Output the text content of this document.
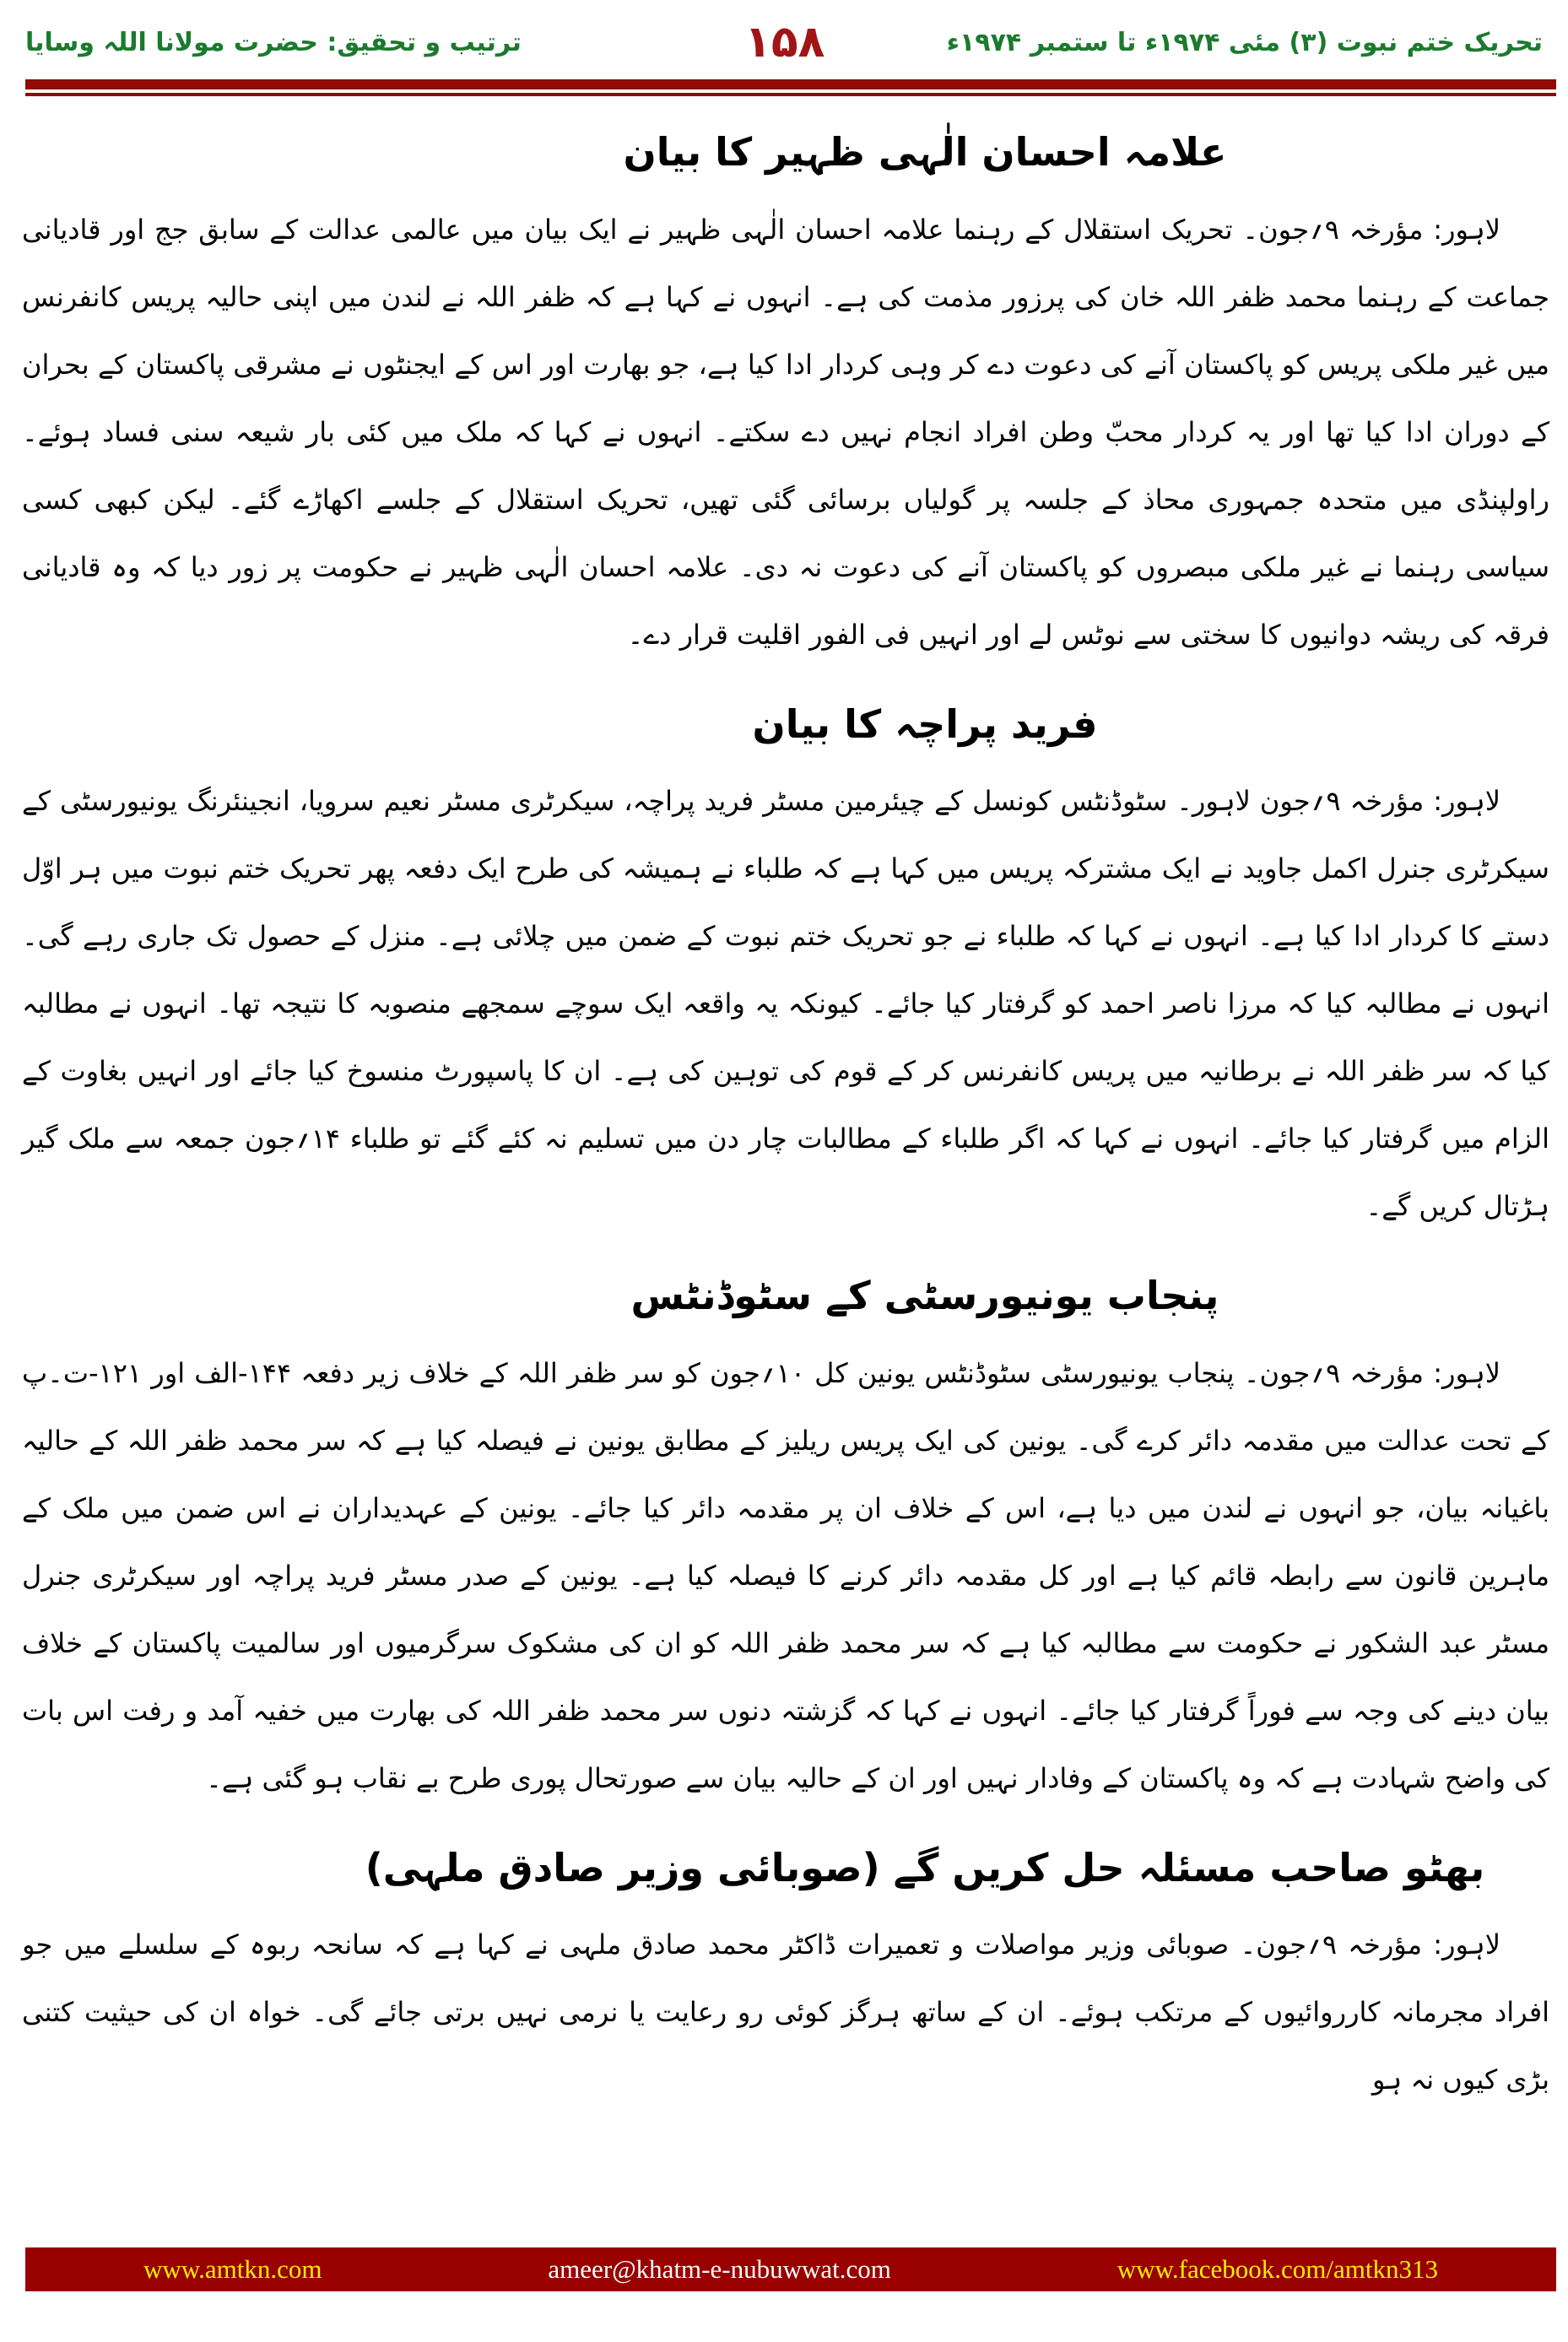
تحریک ختم نبوت (۳) مئی ۱۹۷۴ء تا ستمبر ۱۹۷۴ء
۱۵۸
ترتیب و تحقیق: حضرت مولانا اللہ وسایا
علامہ احسان الٰہی ظہیر کا بیان

لاہور: مؤرخہ ۹؍جون۔ تحریک استقلال کے رہنما علامہ احسان الٰہی ظہیر نے ایک بیان میں عالمی عدالت کے سابق جج اور قادیانی جماعت کے رہنما محمد ظفر اللہ خان کی پرزور مذمت کی ہے۔ انہوں نے کہا ہے کہ ظفر اللہ نے لندن میں اپنی حالیہ پریس کانفرنس میں غیر ملکی پریس کو پاکستان آنے کی دعوت دے کر وہی کردار ادا کیا ہے، جو بھارت اور اس کے ایجنٹوں نے مشرقی پاکستان کے بحران کے دوران ادا کیا تھا اور یہ کردار محبّ وطن افراد انجام نہیں دے سکتے۔ انہوں نے کہا کہ ملک میں کئی بار شیعہ سنی فساد ہوئے۔ راولپنڈی میں متحدہ جمہوری محاذ کے جلسہ پر گولیاں برسائی گئی تھیں، تحریک استقلال کے جلسے اکھاڑے گئے۔ لیکن کبھی کسی سیاسی رہنما نے غیر ملکی مبصروں کو پاکستان آنے کی دعوت نہ دی۔ علامہ احسان الٰہی ظہیر نے حکومت پر زور دیا کہ وہ قادیانی فرقہ کی ریشہ دوانیوں کا سختی سے نوٹس لے اور انہیں فی الفور اقلیت قرار دے۔

فرید پراچہ کا بیان

لاہور: مؤرخہ ۹؍جون لاہور۔ سٹوڈنٹس کونسل کے چیئرمین مسٹر فرید پراچہ، سیکرٹری مسٹر نعیم سرویا، انجینئرنگ یونیورسٹی کے سیکرٹری جنرل اکمل جاوید نے ایک مشترکہ پریس میں کہا ہے کہ طلباء نے ہمیشہ کی طرح ایک دفعہ پھر تحریک ختم نبوت میں ہر اوّل دستے کا کردار ادا کیا ہے۔ انہوں نے کہا کہ طلباء نے جو تحریک ختم نبوت کے ضمن میں چلائی ہے۔ منزل کے حصول تک جاری رہے گی۔ انہوں نے مطالبہ کیا کہ مرزا ناصر احمد کو گرفتار کیا جائے۔ کیونکہ یہ واقعہ ایک سوچے سمجھے منصوبہ کا نتیجہ تھا۔ انہوں نے مطالبہ کیا کہ سر ظفر اللہ نے برطانیہ میں پریس کانفرنس کر کے قوم کی توہین کی ہے۔ ان کا پاسپورٹ منسوخ کیا جائے اور انہیں بغاوت کے الزام میں گرفتار کیا جائے۔ انہوں نے کہا کہ اگر طلباء کے مطالبات چار دن میں تسلیم نہ کئے گئے تو طلباء ۱۴؍جون جمعہ سے ملک گیر ہڑتال کریں گے۔

پنجاب یونیورسٹی کے سٹوڈنٹس

لاہور: مؤرخہ ۹؍جون۔ پنجاب یونیورسٹی سٹوڈنٹس یونین کل ۱۰؍جون کو سر ظفر اللہ کے خلاف زیر دفعہ ۱۴۴-الف اور ۱۲۱-ت۔پ کے تحت عدالت میں مقدمہ دائر کرے گی۔ یونین کی ایک پریس ریلیز کے مطابق یونین نے فیصلہ کیا ہے کہ سر محمد ظفر اللہ کے حالیہ باغیانہ بیان، جو انہوں نے لندن میں دیا ہے، اس کے خلاف ان پر مقدمہ دائر کیا جائے۔ یونین کے عہدیداران نے اس ضمن میں ملک کے ماہرین قانون سے رابطہ قائم کیا ہے اور کل مقدمہ دائر کرنے کا فیصلہ کیا ہے۔ یونین کے صدر مسٹر فرید پراچہ اور سیکرٹری جنرل مسٹر عبد الشکور نے حکومت سے مطالبہ کیا ہے کہ سر محمد ظفر اللہ کو ان کی مشکوک سرگرمیوں اور سالمیت پاکستان کے خلاف بیان دینے کی وجہ سے فوراً گرفتار کیا جائے۔ انہوں نے کہا کہ گزشتہ دنوں سر محمد ظفر اللہ کی بھارت میں خفیہ آمد و رفت اس بات کی واضح شہادت ہے کہ وہ پاکستان کے وفادار نہیں اور ان کے حالیہ بیان سے صورتحال پوری طرح بے نقاب ہو گئی ہے۔

بھٹو صاحب مسئلہ حل کریں گے (صوبائی وزیر صادق ملہی)

لاہور: مؤرخہ ۹؍جون۔ صوبائی وزیر مواصلات و تعمیرات ڈاکٹر محمد صادق ملہی نے کہا ہے کہ سانحہ ربوہ کے سلسلے میں جو افراد مجرمانہ کارروائیوں کے مرتکب ہوئے۔ ان کے ساتھ ہرگز کوئی رو رعایت یا نرمی نہیں برتی جائے گی۔ خواہ ان کی حیثیت کتنی بڑی کیوں نہ ہو

www.amtkn.com	ameer@khatm-e-nubuwwat.com	www.facebook.com/amtkn313
